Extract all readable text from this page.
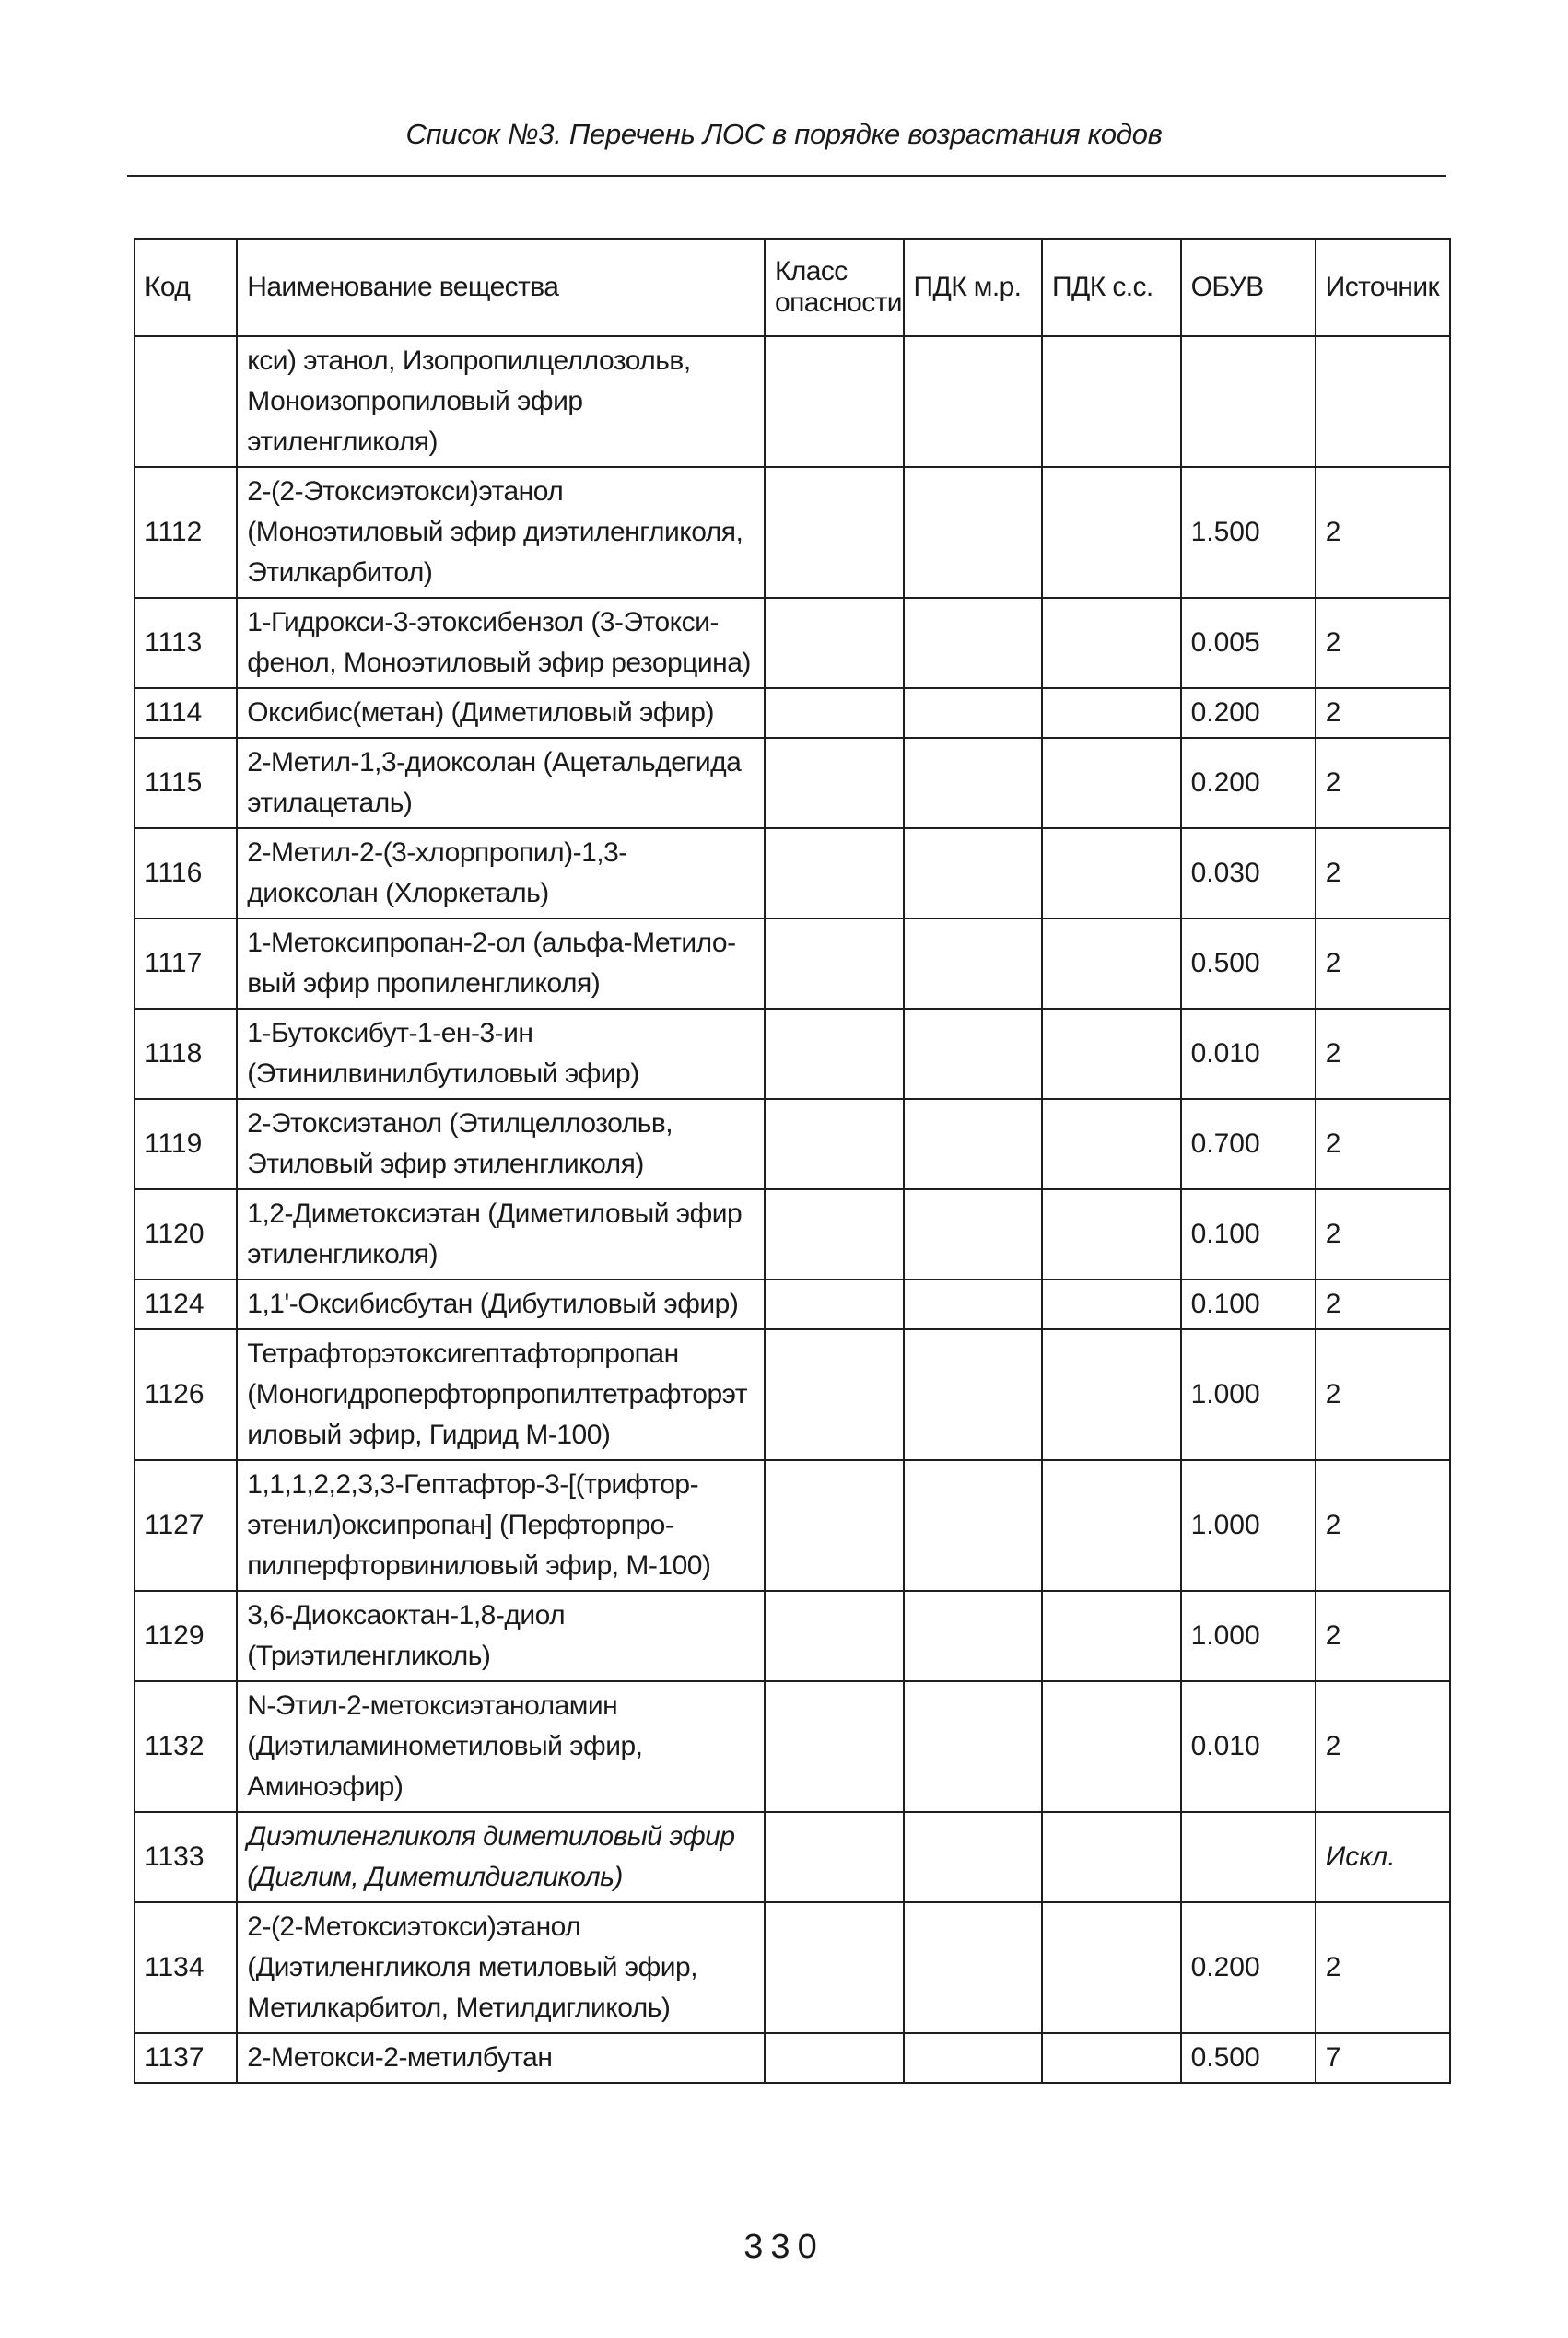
Список №3. Перечень ЛОС в порядке возрастания кодов
Код	Наименование вещества	Класс опасности	ПДК м.р.	ПДК с.с.	ОБУВ	Источник
	кси) этанол, Изопропилцеллозольв, Моноизопропиловый эфир этиленгликоля)					
1112	2-(2-Этоксиэтокси)этанол (Моноэтиловый эфир диэтиленгликоля, Этилкарбитол)				1.500	2
1113	1-Гидрокси-3-этоксибензол (3-Этокси-фенол, Моноэтиловый эфир резорцина)				0.005	2
1114	Оксибис(метан) (Диметиловый эфир)				0.200	2
1115	2-Метил-1,3-диоксолан (Ацетальдегида этилацеталь)				0.200	2
1116	2-Метил-2-(3-хлорпропил)-1,3-диоксолан (Хлоркеталь)				0.030	2
1117	1-Метоксипропан-2-ол (альфа-Метило-вый эфир пропиленгликоля)				0.500	2
1118	1-Бутоксибут-1-ен-3-ин (Этинилвинилбутиловый эфир)				0.010	2
1119	2-Этоксиэтанол (Этилцеллозольв, Этиловый эфир этиленгликоля)				0.700	2
1120	1,2-Диметоксиэтан (Диметиловый эфир этиленгликоля)				0.100	2
1124	1,1'-Оксибисбутан (Дибутиловый эфир)				0.100	2
1126	Тетрафторэтоксигептафторпропан (Моногидроперфторпропилтетрафторэт иловый эфир, Гидрид М-100)				1.000	2
1127	1,1,1,2,2,3,3-Гептафтор-3-[(трифтор-этенил)оксипропан] (Перфторпро-пилперфторвиниловый эфир, М-100)				1.000	2
1129	3,6-Диоксаоктан-1,8-диол (Триэтиленгликоль)				1.000	2
1132	N-Этил-2-метоксиэтаноламин (Диэтиламинометиловый эфир, Аминоэфир)				0.010	2
1133	Диэтиленгликоля диметиловый эфир (Диглим, Диметилдигликоль)					Искл.
1134	2-(2-Метоксиэтокси)этанол (Диэтиленгликоля метиловый эфир, Метилкарбитол, Метилдигликоль)				0.200	2
1137	2-Метокси-2-метилбутан				0.500	7
330
